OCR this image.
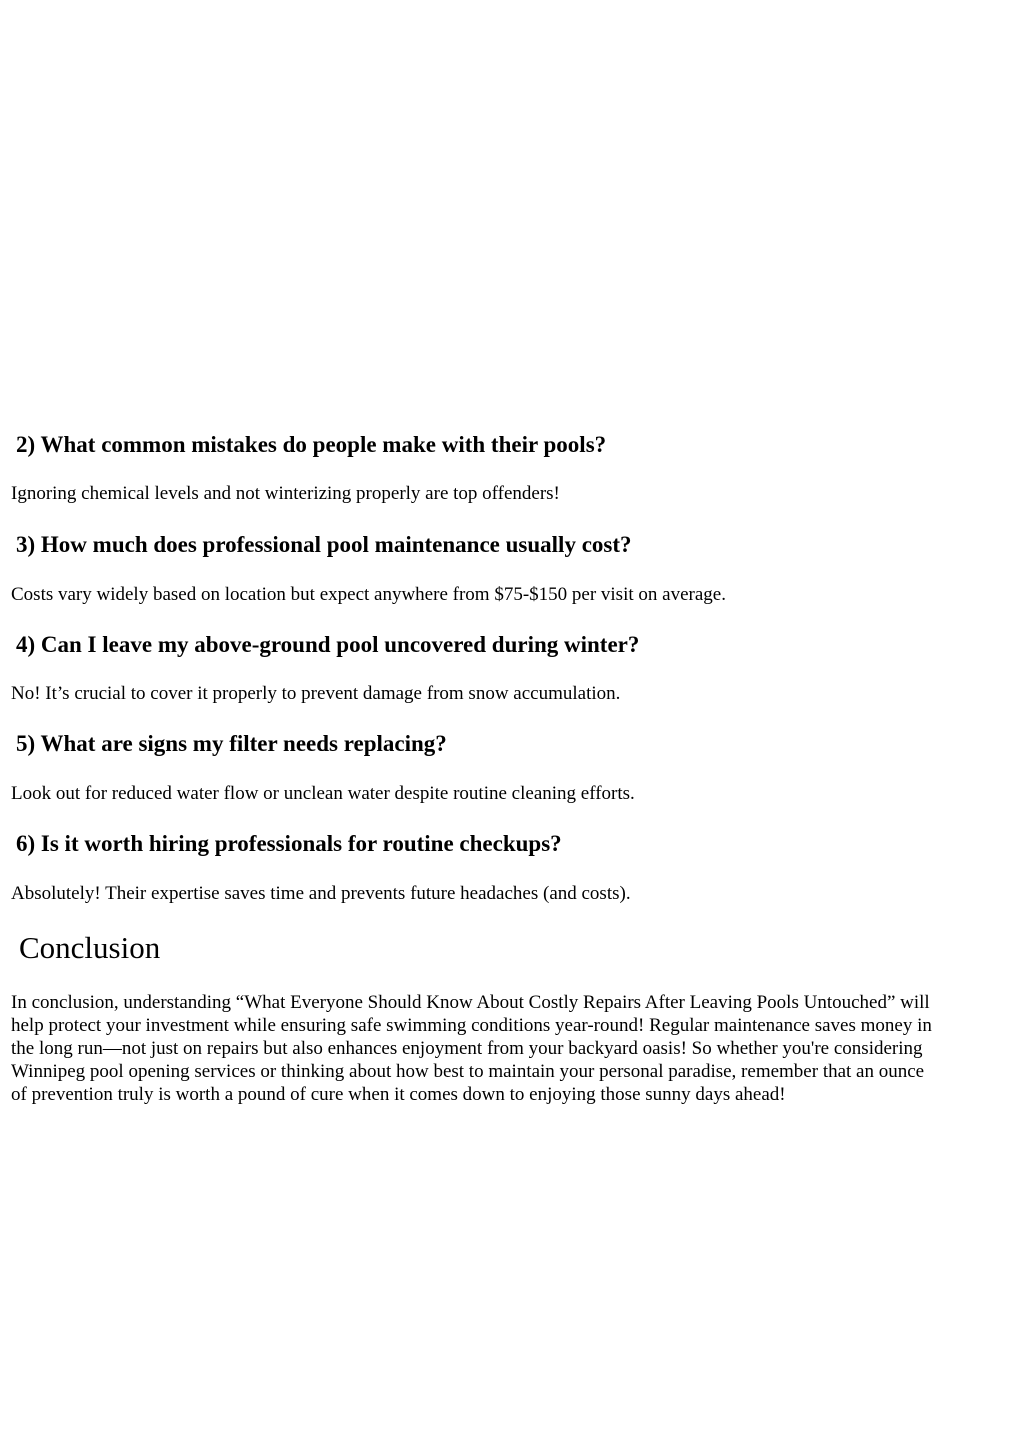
2) What common mistakes do people make with their pools?

Ignoring chemical levels and not winterizing properly are top offenders!

3) How much does professional pool maintenance usually cost?

Costs vary widely based on location but expect anywhere from $75-$150 per visit on average.

4) Can I leave my above-ground pool uncovered during winter?

No! It’s crucial to cover it properly to prevent damage from snow accumulation.

5) What are signs my filter needs replacing?

Look out for reduced water flow or unclean water despite routine cleaning efforts.

6) Is it worth hiring professionals for routine checkups?

Absolutely! Their expertise saves time and prevents future headaches (and costs).

Conclusion

In conclusion, understanding “What Everyone Should Know About Costly Repairs After Leaving Pools Untouched” will
help protect your investment while ensuring safe swimming conditions year-round! Regular maintenance saves money in
the long run—not just on repairs but also enhances enjoyment from your backyard oasis! So whether you're considering
Winnipeg pool opening services or thinking about how best to maintain your personal paradise, remember that an ounce
of prevention truly is worth a pound of cure when it comes down to enjoying those sunny days ahead!
